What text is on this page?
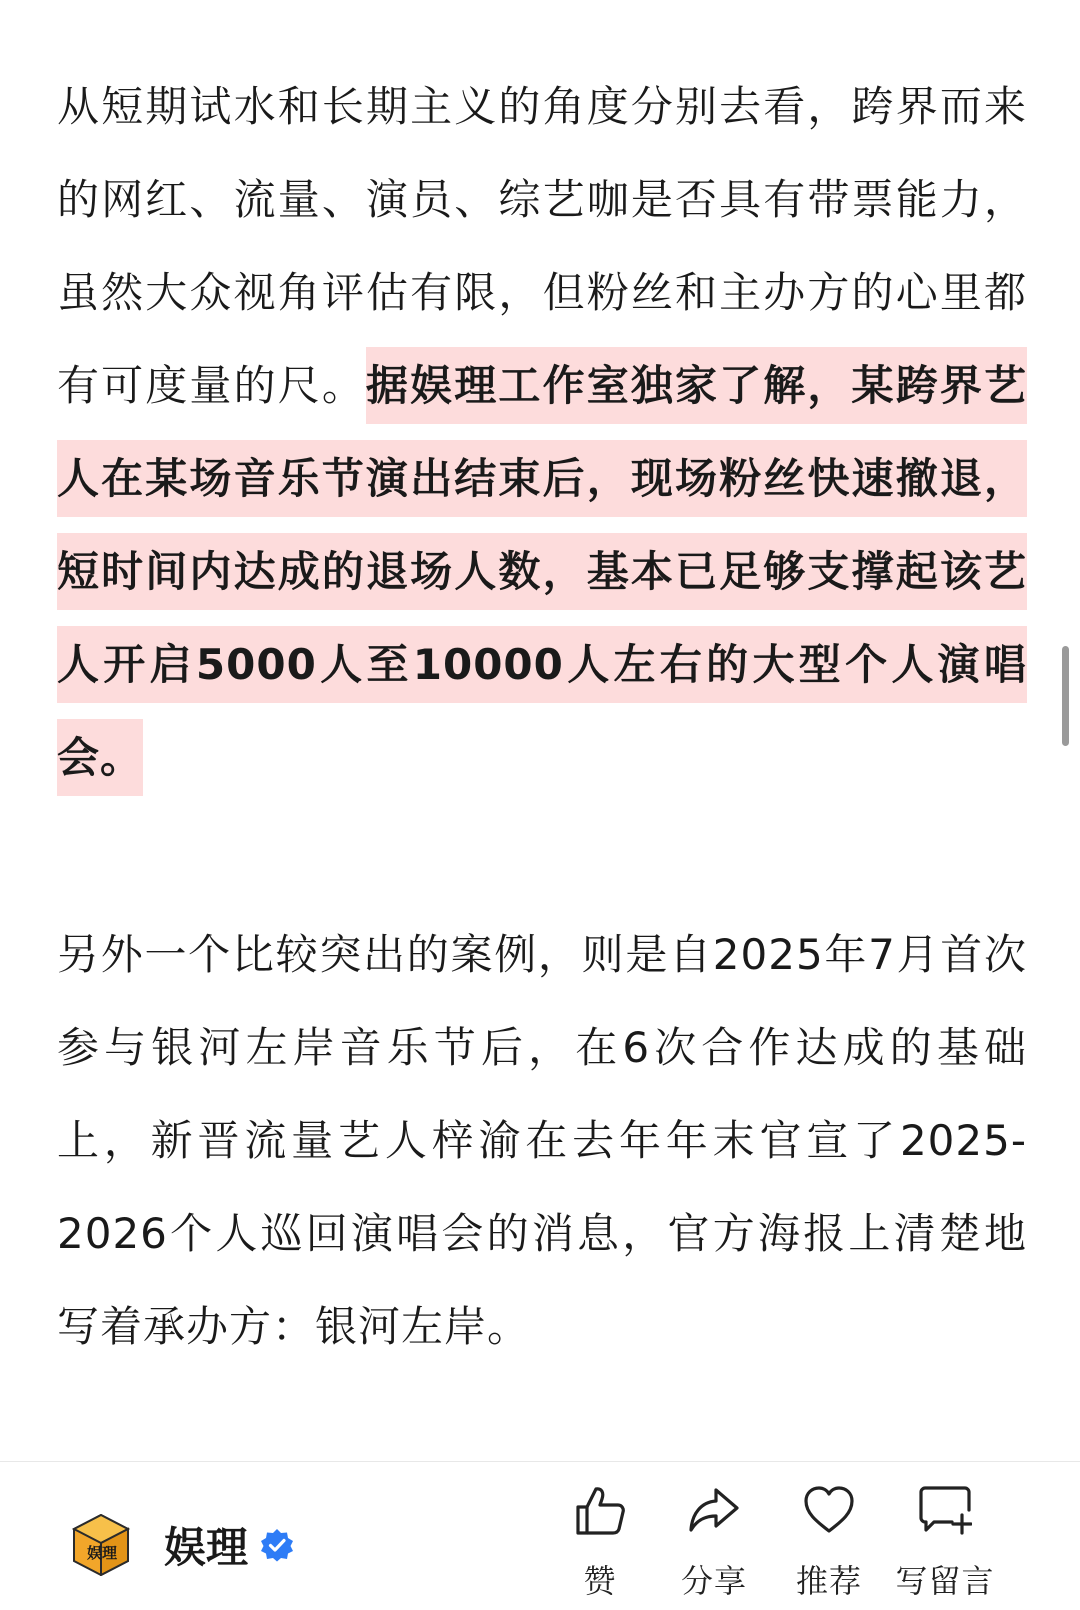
从短期试水和长期主义的角度分别去看，跨界而来的网红、流量、演员、综艺咖是否具有带票能力，虽然大众视角评估有限，但粉丝和主办方的心里都有可度量的尺。据娱理工作室独家了解，某跨界艺人在某场音乐节演出结束后，现场粉丝快速撤退，短时间内达成的退场人数，基本已足够支撑起该艺人开启5000人至10000人左右的大型个人演唱会。

另外一个比较突出的案例，则是自2025年7月首次参与银河左岸音乐节后，在6次合作达成的基础上，新晋流量艺人梓渝在去年年末官宣了2025-2026个人巡回演唱会的消息，官方海报上清楚地写着承办方：银河左岸。

娱理 娱理
赞	分享	推荐	写留言
